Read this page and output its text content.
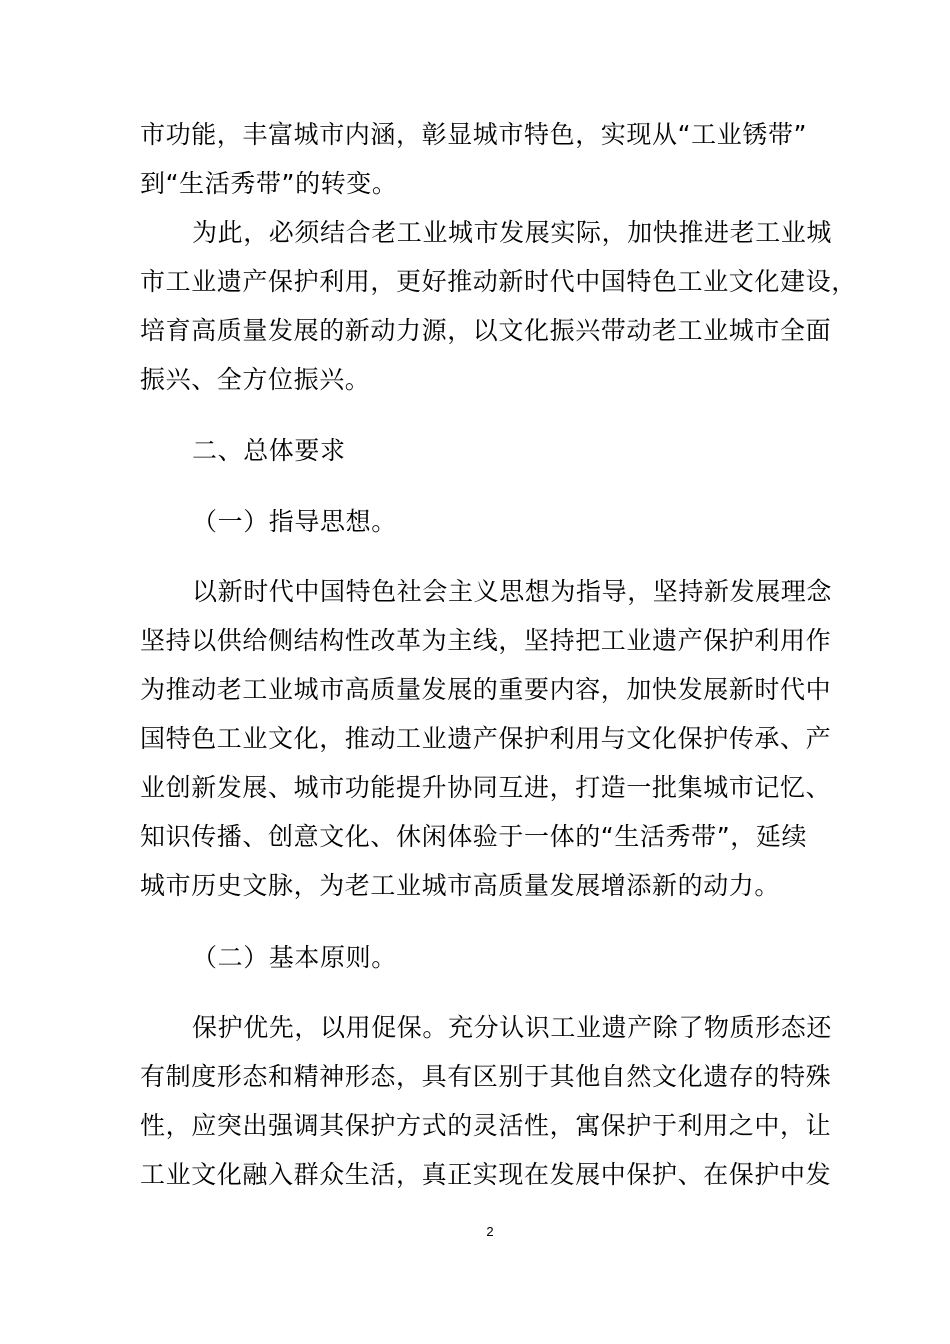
市功能，丰富城市内涵，彰显城市特色，实现从“工业锈带”
到“生活秀带”的转变。
为此，必须结合老工业城市发展实际，加快推进老工业城
市工业遗产保护利用，更好推动新时代中国特色工业文化建设，
培育高质量发展的新动力源，以文化振兴带动老工业城市全面
振兴、全方位振兴。
二、总体要求
（一）指导思想。
以新时代中国特色社会主义思想为指导，坚持新发展理念
坚持以供给侧结构性改革为主线，坚持把工业遗产保护利用作
为推动老工业城市高质量发展的重要内容，加快发展新时代中
国特色工业文化，推动工业遗产保护利用与文化保护传承、产
业创新发展、城市功能提升协同互进，打造一批集城市记忆、
知识传播、创意文化、休闲体验于一体的“生活秀带”，延续
城市历史文脉，为老工业城市高质量发展增添新的动力。
（二）基本原则。
保护优先，以用促保。充分认识工业遗产除了物质形态还
有制度形态和精神形态，具有区别于其他自然文化遗存的特殊
性，应突出强调其保护方式的灵活性，寓保护于利用之中，让
工业文化融入群众生活，真正实现在发展中保护、在保护中发
2
